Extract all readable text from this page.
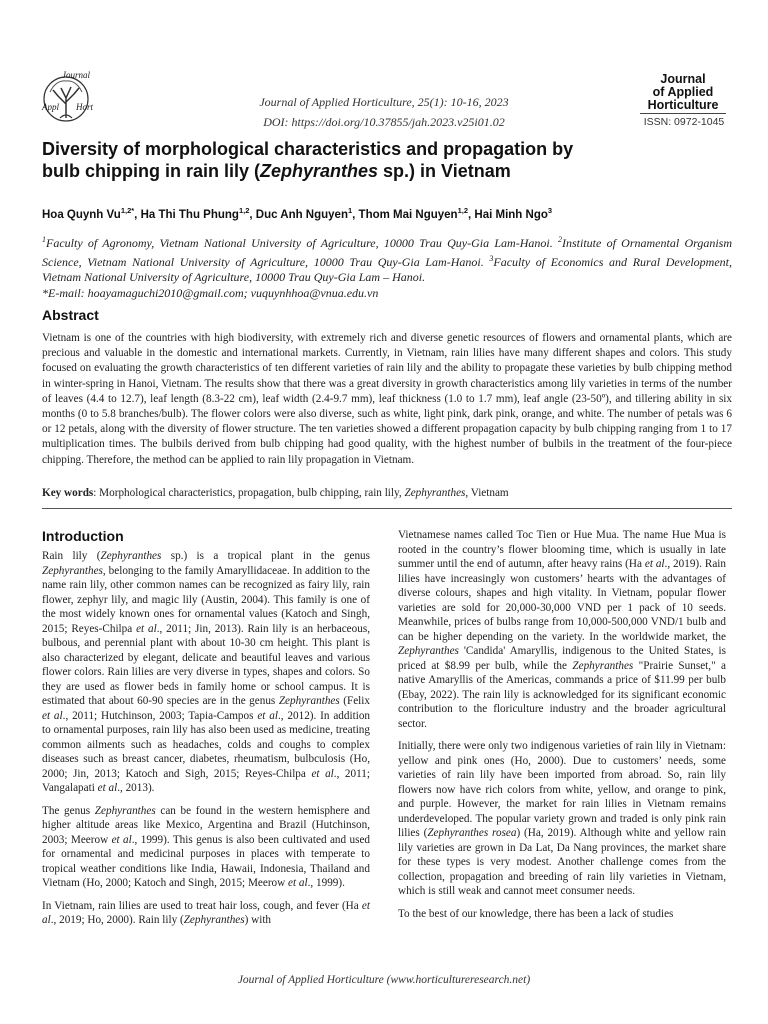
Journal
Appl Hort	Journal of Applied Horticulture, 25(1): 10-16, 2023
DOI: https://doi.org/10.37855/jah.2023.v25i01.02
Journal
of Applied
Horticulture
ISSN: 0972-1045
Diversity of morphological characteristics and propagation by
bulb chipping in rain lily (Zephyranthes sp.) in Vietnam
Hoa Quynh $Vu^{1,2*}$, Ha Thi Thu Phung$^{1,2}$, Duc Anh Nguyen$^1$, Thom Mai Nguyen$^{1,2}$, Hai Minh Ngo$^3$
$^1$Faculty of Agronomy, Vietnam National University of Agriculture, 10000 Trau Quy-Gia Lam-Hanoi. $^2$Institute of Ornamental Organism Science, Vietnam National University of Agriculture, 10000 Trau Quy-Gia Lam-Hanoi. $^3$Faculty of Economics and Rural Development, Vietnam National University of Agriculture, 10000 Trau Quy-Gia Lam – Hanoi.
*E-mail: hoayamaguchi2010@gmail.com; vuquynhhoa@vnua.edu.vn
Abstract
Vietnam is one of the countries with high biodiversity, with extremely rich and diverse genetic resources of flowers and ornamental plants, which are precious and valuable in the domestic and international markets. Currently, in Vietnam, rain lilies have many different shapes and colors. This study focused on evaluating the growth characteristics of ten different varieties of rain lily and the ability to propagate these varieties by bulb chipping method in winter-spring in Hanoi, Vietnam. The results show that there was a great diversity in growth characteristics among lily varieties in terms of the number of leaves (4.4 to 12.7), leaf length (8.3-22 cm), leaf width (2.4-9.7 mm), leaf thickness (1.0 to 1.7 mm), leaf angle (23-50º), and tillering ability in six months (0 to 5.8 branches/bulb). The flower colors were also diverse, such as white, light pink, dark pink, orange, and white. The number of petals was 6 or 12 petals, along with the diversity of flower structure. The ten varieties showed a different propagation capacity by bulb chipping ranging from 1 to 17 multiplication times. The bulbils derived from bulb chipping had good quality, with the highest number of bulbils in the treatment of the four-piece chipping. Therefore, the method can be applied to rain lily propagation in Vietnam.
Key words: Morphological characteristics, propagation, bulb chipping, rain lily, Zephyranthes, Vietnam
Introduction

Rain lily (Zephyranthes sp.) is a tropical plant in the genus Zephyranthes, belonging to the family Amaryllidaceae. In addition to the name rain lily, other common names can be recognized as fairy lily, rain flower, zephyr lily, and magic lily (Austin, 2004). This family is one of the most widely known ones for ornamental values (Katoch and Singh, 2015; Reyes-Chilpa et al., 2011; Jin, 2013). Rain lily is an herbaceous, bulbous, and perennial plant with about 10-30 cm height. This plant is also characterized by elegant, delicate and beautiful leaves and various flower colors. Rain lilies are very diverse in types, shapes and colors. So they are used as flower beds in family home or school campus. It is estimated that about 60-90 species are in the genus Zephyranthes (Felix et al., 2011; Hutchinson, 2003; Tapia-Campos et al., 2012). In addition to ornamental purposes, rain lily has also been used as medicine, treating common ailments such as headaches, colds and coughs to complex diseases such as breast cancer, diabetes, rheumatism, bulbculosis (Ho, 2000; Jin, 2013; Katoch and Sigh, 2015; Reyes-Chilpa et al., 2011; Vangalapati et al., 2013).

The genus Zephyranthes can be found in the western hemisphere and higher altitude areas like Mexico, Argentina and Brazil (Hutchinson, 2003; Meerow et al., 1999). This genus is also been cultivated and used for ornamental and medicinal purposes in places with temperate to tropical weather conditions like India, Hawaii, Indonesia, Thailand and Vietnam (Ho, 2000; Katoch and Singh, 2015; Meerow et al., 1999).

In Vietnam, rain lilies are used to treat hair loss, cough, and fever (Ha et al., 2019; Ho, 2000). Rain lily (Zephyranthes) with

Vietnamese names called Toc Tien or Hue Mua. The name Hue Mua is rooted in the country’s flower blooming time, which is usually in late summer until the end of autumn, after heavy rains (Ha et al., 2019). Rain lilies have increasingly won customers’ hearts with the advantages of diverse colours, shapes and high vitality. In Vietnam, popular flower varieties are sold for 20,000-30,000 VND per 1 pack of 10 seeds. Meanwhile, prices of bulbs range from 10,000-500,000 VND/1 bulb and can be higher depending on the variety. In the worldwide market, the Zephyranthes 'Candida' Amaryllis, indigenous to the United States, is priced at $8.99 per bulb, while the Zephyranthes "Prairie Sunset," a native Amaryllis of the Americas, commands a price of $11.99 per bulb (Ebay, 2022). The rain lily is acknowledged for its significant economic contribution to the floriculture industry and the broader agricultural sector.

Initially, there were only two indigenous varieties of rain lily in Vietnam: yellow and pink ones (Ho, 2000). Due to customers’ needs, some varieties of rain lily have been imported from abroad. So, rain lily flowers now have rich colors from white, yellow, and orange to pink, and purple. However, the market for rain lilies in Vietnam remains underdeveloped. The popular variety grown and traded is only pink rain lilies (Zephyranthes rosea) (Ha, 2019). Although white and yellow rain lily varieties are grown in Da Lat, Da Nang provinces, the market share for these types is very modest. Another challenge comes from the collection, propagation and breeding of rain lily varieties in Vietnam, which is still weak and cannot meet consumer needs.

To the best of our knowledge, there has been a lack of studies

Journal of Applied Horticulture (www.horticultureresearch.net)
